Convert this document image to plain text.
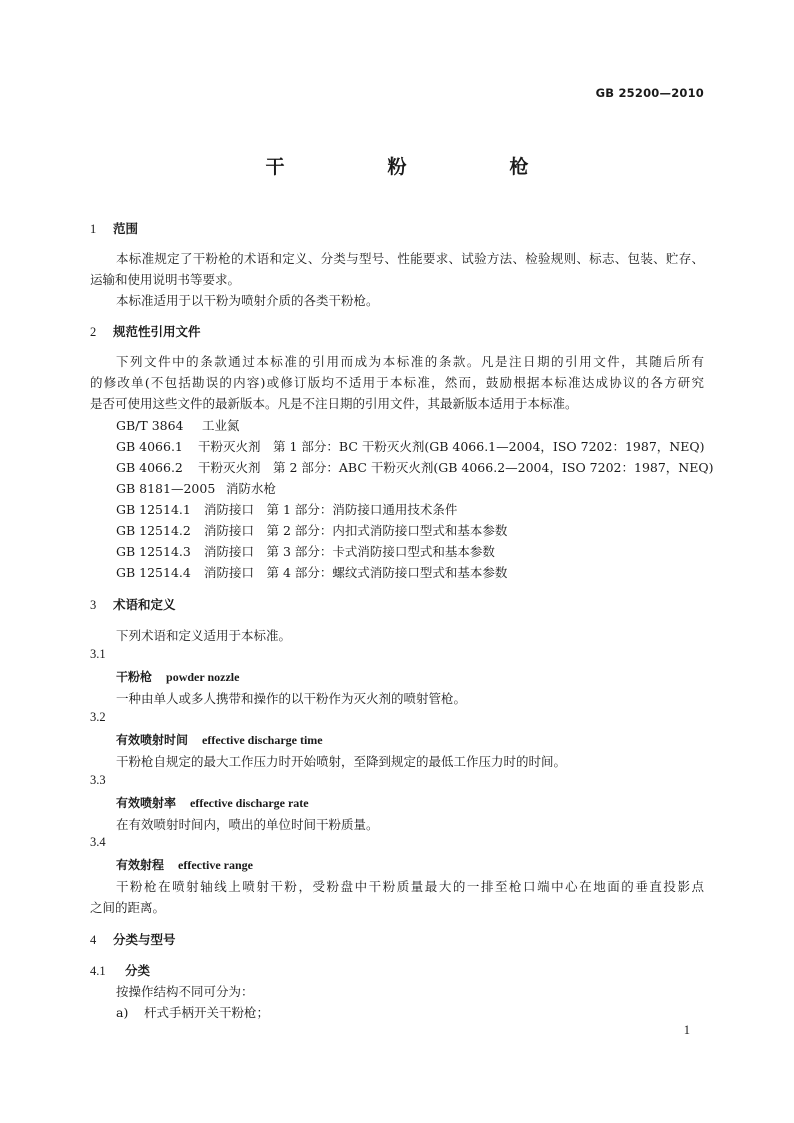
GB 25200—2010
干　粉　枪
1 范围
本标准规定了干粉枪的术语和定义、分类与型号、性能要求、试验方法、检验规则、标志、包装、贮存、
运输和使用说明书等要求。
本标准适用于以干粉为喷射介质的各类干粉枪。
2 规范性引用文件
下列文件中的条款通过本标准的引用而成为本标准的条款。凡是注日期的引用文件，其随后所有
的修改单(不包括勘误的内容)或修订版均不适用于本标准，然而，鼓励根据本标准达成协议的各方研究
是否可使用这些文件的最新版本。凡是不注日期的引用文件，其最新版本适用于本标准。
GB/T 3864 工业氮
GB 4066.1 干粉灭火剂　第 1 部分：BC 干粉灭火剂(GB 4066.1—2004，ISO 7202：1987，NEQ)
GB 4066.2 干粉灭火剂　第 2 部分：ABC 干粉灭火剂(GB 4066.2—2004，ISO 7202：1987，NEQ)
GB 8181—2005 消防水枪
GB 12514.1 消防接口　第 1 部分：消防接口通用技术条件
GB 12514.2 消防接口　第 2 部分：内扣式消防接口型式和基本参数
GB 12514.3 消防接口　第 3 部分：卡式消防接口型式和基本参数
GB 12514.4 消防接口　第 4 部分：螺纹式消防接口型式和基本参数
3 术语和定义
下列术语和定义适用于本标准。
3.1
干粉枪 powder nozzle
一种由单人或多人携带和操作的以干粉作为灭火剂的喷射管枪。
3.2
有效喷射时间 effective discharge time
干粉枪自规定的最大工作压力时开始喷射，至降到规定的最低工作压力时的时间。
3.3
有效喷射率 effective discharge rate
在有效喷射时间内，喷出的单位时间干粉质量。
3.4
有效射程 effective range
干粉枪在喷射轴线上喷射干粉，受粉盘中干粉质量最大的一排至枪口端中心在地面的垂直投影点
之间的距离。
4 分类与型号
4.1 分类
按操作结构不同可分为：
a) 杆式手柄开关干粉枪；
1
